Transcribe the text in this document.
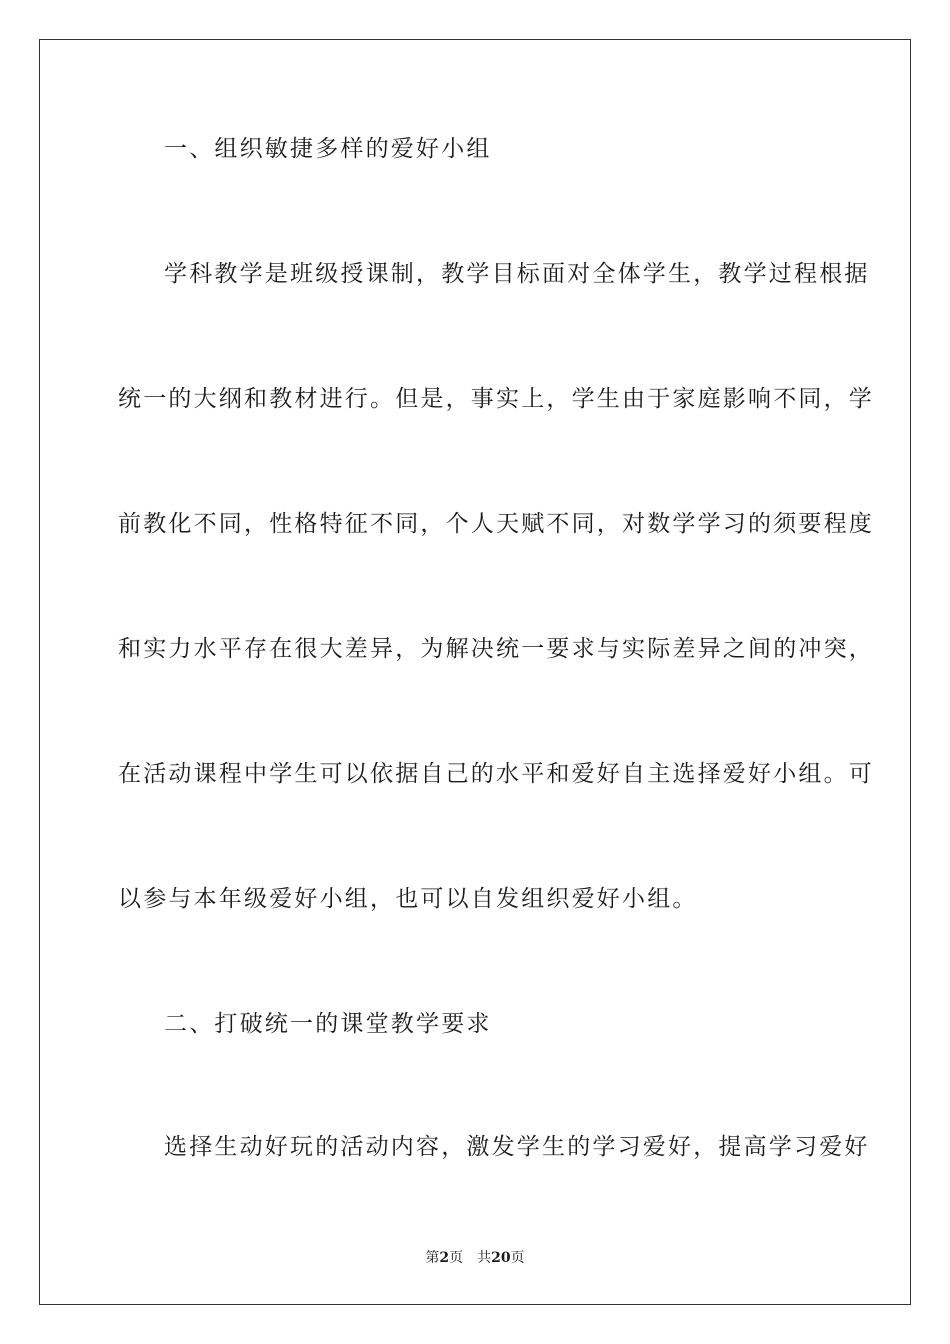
一、组织敏捷多样的爱好小组
学科教学是班级授课制，教学目标面对全体学生，教学过程根据
统一的大纲和教材进行。但是，事实上，学生由于家庭影响不同，学
前教化不同，性格特征不同，个人天赋不同，对数学学习的须要程度
和实力水平存在很大差异，为解决统一要求与实际差异之间的冲突，
在活动课程中学生可以依据自己的水平和爱好自主选择爱好小组。可
以参与本年级爱好小组，也可以自发组织爱好小组。
二、打破统一的课堂教学要求
选择生动好玩的活动内容，激发学生的学习爱好，提高学习爱好
第2页 共20页
